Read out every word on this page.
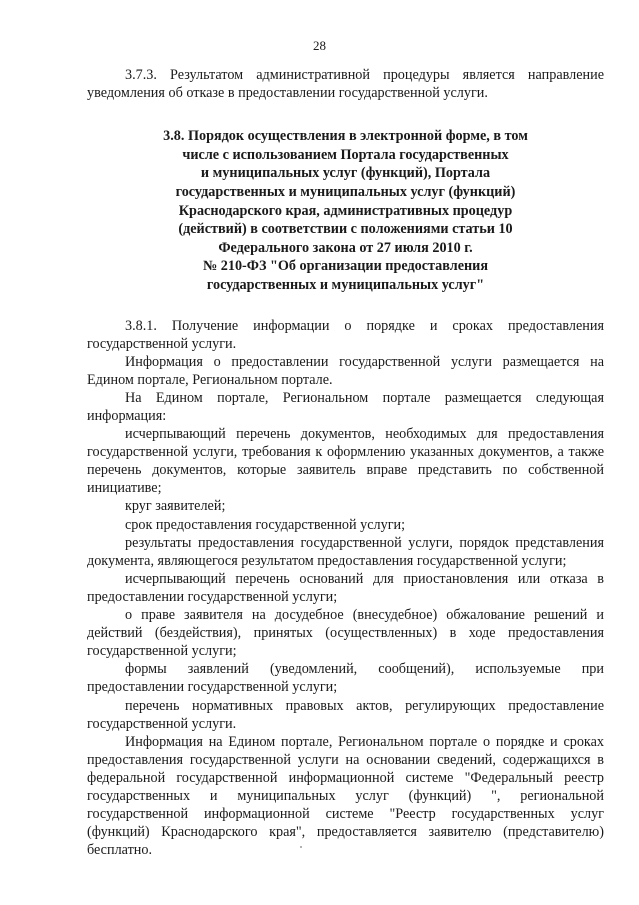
28

3.7.3. Результатом административной процедуры является направление уведомления об отказе в предоставлении государственной услуги.

3.8. Порядок осуществления в электронной форме, в том
числе с использованием Портала государственных
и муниципальных услуг (функций), Портала
государственных и муниципальных услуг (функций)
Краснодарского края, административных процедур
(действий) в соответствии с положениями статьи 10
Федерального закона от 27 июля 2010 г.
№ 210-ФЗ "Об организации предоставления
государственных и муниципальных услуг"

3.8.1. Получение информации о порядке и сроках предоставления государственной услуги.

Информация о предоставлении государственной услуги размещается на Едином портале, Региональном портале.

На Едином портале, Региональном портале размещается следующая информация:

исчерпывающий перечень документов, необходимых для предоставления государственной услуги, требования к оформлению указанных документов, а также перечень документов, которые заявитель вправе представить по собственной инициативе;

круг заявителей;

срок предоставления государственной услуги;

результаты предоставления государственной услуги, порядок представления документа, являющегося результатом предоставления государственной услуги;

исчерпывающий перечень оснований для приостановления или отказа в предоставлении государственной услуги;

о праве заявителя на досудебное (внесудебное) обжалование решений и действий (бездействия), принятых (осуществленных) в ходе предоставления государственной услуги;

формы заявлений (уведомлений, сообщений), используемые при предоставлении государственной услуги;

перечень нормативных правовых актов, регулирующих предоставление государственной услуги.

Информация на Едином портале, Региональном портале о порядке и сроках предоставления государственной услуги на основании сведений, содержащихся в федеральной государственной информационной системе "Федеральный реестр государственных и муниципальных услуг (функций) ", региональной государственной информационной системе "Реестр государственных услуг (функций) Краснодарского края", предоставляется заявителю (представителю) бесплатно.
